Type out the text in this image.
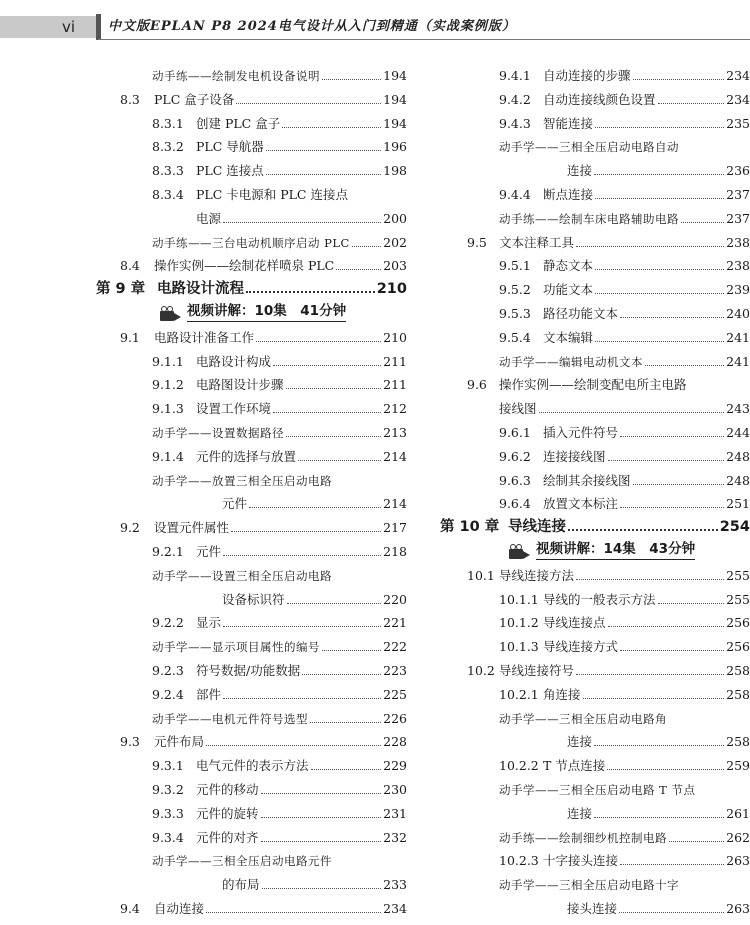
vi	中文版EPLAN P8 2024电气设计从入门到精通（实战案例版）
动手练——绘制发电机设备说明	194
8.3	PLC 盒子设备	194
8.3.1 创建 PLC 盒子	194
8.3.2 PLC 导航器	196
8.3.3 PLC 连接点	198
8.3.4 PLC 卡电源和 PLC 连接点
电源	200
动手练——三台电动机顺序启动 PLC	202
8.4	操作实例——绘制花样喷泉 PLC	203
第 9 章 电路设计流程	210
视频讲解：10集　41分钟
9.1	电路设计准备工作	210
9.1.1 电路设计构成	211
9.1.2 电路图设计步骤	211
9.1.3 设置工作环境	212
动手学——设置数据路径	213
9.1.4 元件的选择与放置	214
动手学——放置三相全压启动电路
元件	214
9.2	设置元件属性	217
9.2.1 元件	218
动手学——设置三相全压启动电路
设备标识符	220
9.2.2 显示	221
动手学——显示项目属性的编号	222
9.2.3 符号数据/功能数据	223
9.2.4 部件	225
动手学——电机元件符号选型	226
9.3	元件布局	228
9.3.1 电气元件的表示方法	229
9.3.2 元件的移动	230
9.3.3 元件的旋转	231
9.3.4 元件的对齐	232
动手学——三相全压启动电路元件
的布局	233
9.4	自动连接	234
9.4.1 自动连接的步骤	234
9.4.2 自动连接线颜色设置	234
9.4.3 智能连接	235
动手学——三相全压启动电路自动
连接	236
9.4.4 断点连接	237
动手练——绘制车床电路辅助电路	237
9.5 文本注释工具	238
9.5.1 静态文本	238
9.5.2 功能文本	239
9.5.3 路径功能文本	240
9.5.4 文本编辑	241
动手学——编辑电动机文本	241
9.6 操作实例——绘制变配电所主电路
接线图	243
9.6.1 插入元件符号	244
9.6.2 连接接线图	248
9.6.3 绘制其余接线图	248
9.6.4 放置文本标注	251
第 10 章 导线连接	254
视频讲解：14集　43分钟
10.1 导线连接方法	255
10.1.1 导线的一般表示方法	255
10.1.2 导线连接点	256
10.1.3 导线连接方式	256
10.2 导线连接符号	258
10.2.1 角连接	258
动手学——三相全压启动电路角
连接	258
10.2.2 T 节点连接	259
动手学——三相全压启动电路 T 节点
连接	261
动手练——绘制细纱机控制电路	262
10.2.3 十字接头连接	263
动手学——三相全压启动电路十字
接头连接	263
